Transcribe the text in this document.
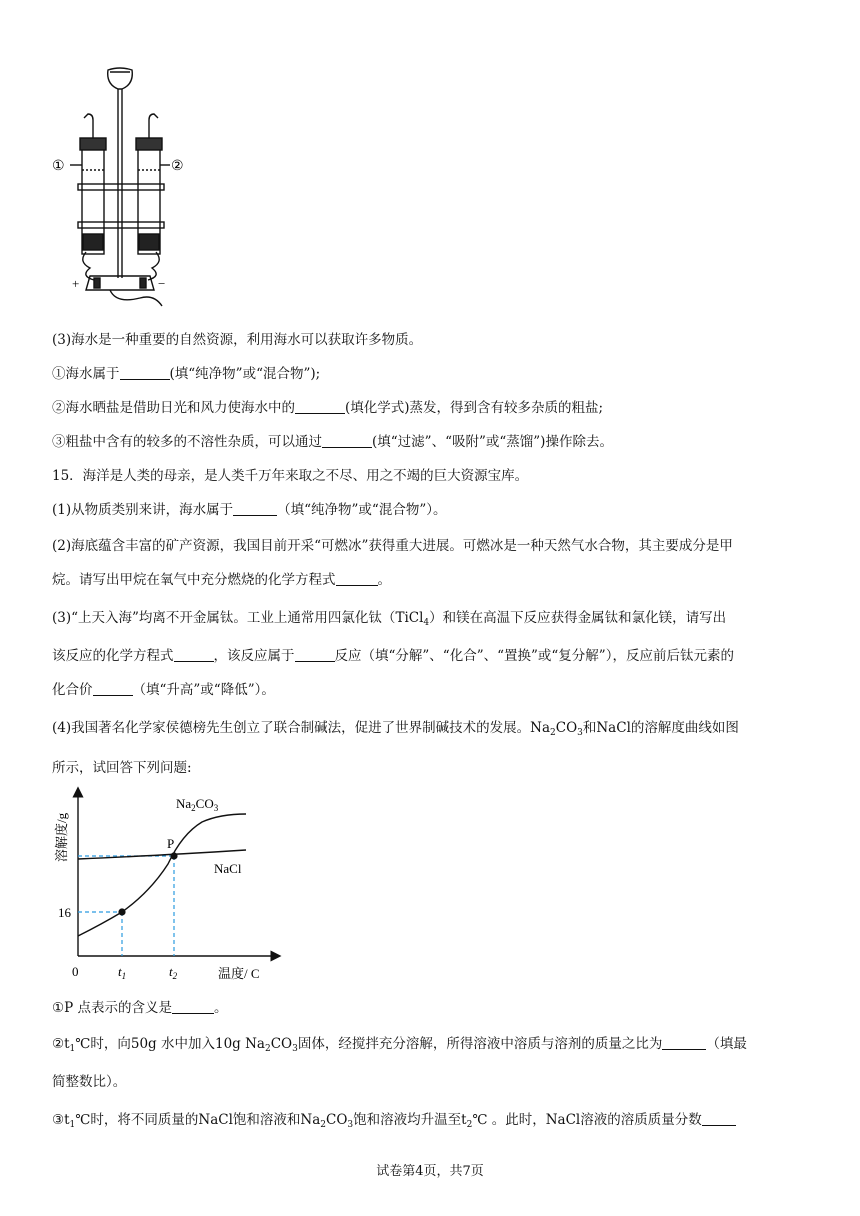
①	②
+	−
(3)海水是一种重要的自然资源，利用海水可以获取许多物质。
①海水属于	(填“纯净物”或“混合物”);
②海水晒盐是借助日光和风力使海水中的	(填化学式)蒸发，得到含有较多杂质的粗盐;
③粗盐中含有的较多的不溶性杂质，可以通过	(填“过滤”、“吸附”或“蒸馏”)操作除去。
15．海洋是人类的母亲，是人类千万年来取之不尽、用之不竭的巨大资源宝库。
(1)从物质类别来讲，海水属于	（填“纯净物”或“混合物”）。
(2)海底蕴含丰富的矿产资源，我国目前开采“可燃冰”获得重大进展。可燃冰是一种天然气水合物，其主要成分是甲
烷。请写出甲烷在氧气中充分燃烧的化学方程式	。
(3)“上天入海”均离不开金属钛。工业上通常用四氯化钛（TiCl$_4$）和镁在高温下反应获得金属钛和氯化镁，请写出
该反应的化学方程式	，该反应属于	反应（填“分解”、“化合”、“置换”或“复分解”），反应前后钛元素的
化合价	（填“升高”或“降低”）。
(4)我国著名化学家侯德榜先生创立了联合制碱法，促进了世界制碱技术的发展。$Na_2CO_3$和NaCl的溶解度曲线如图
所示，试回答下列问题:
P
$Na_2CO_3$
NaCl
16
0	$t_1$	$t_2$	温度/ C
溶解度/g
①P 点表示的含义是	。
$②t_1℃$时，向50g 水中加入10g $Na_2CO_3$固体，经搅拌充分溶解，所得溶液中溶质与溶剂的质量之比为	（填最
简整数比）。
$③t_1℃$时，将不同质量的NaCl饱和溶液和$Na_2CO_3$饱和溶液均升温至$t_2℃$ 。此时，NaCl溶液的溶质质量分数
试卷第4页，共7页
